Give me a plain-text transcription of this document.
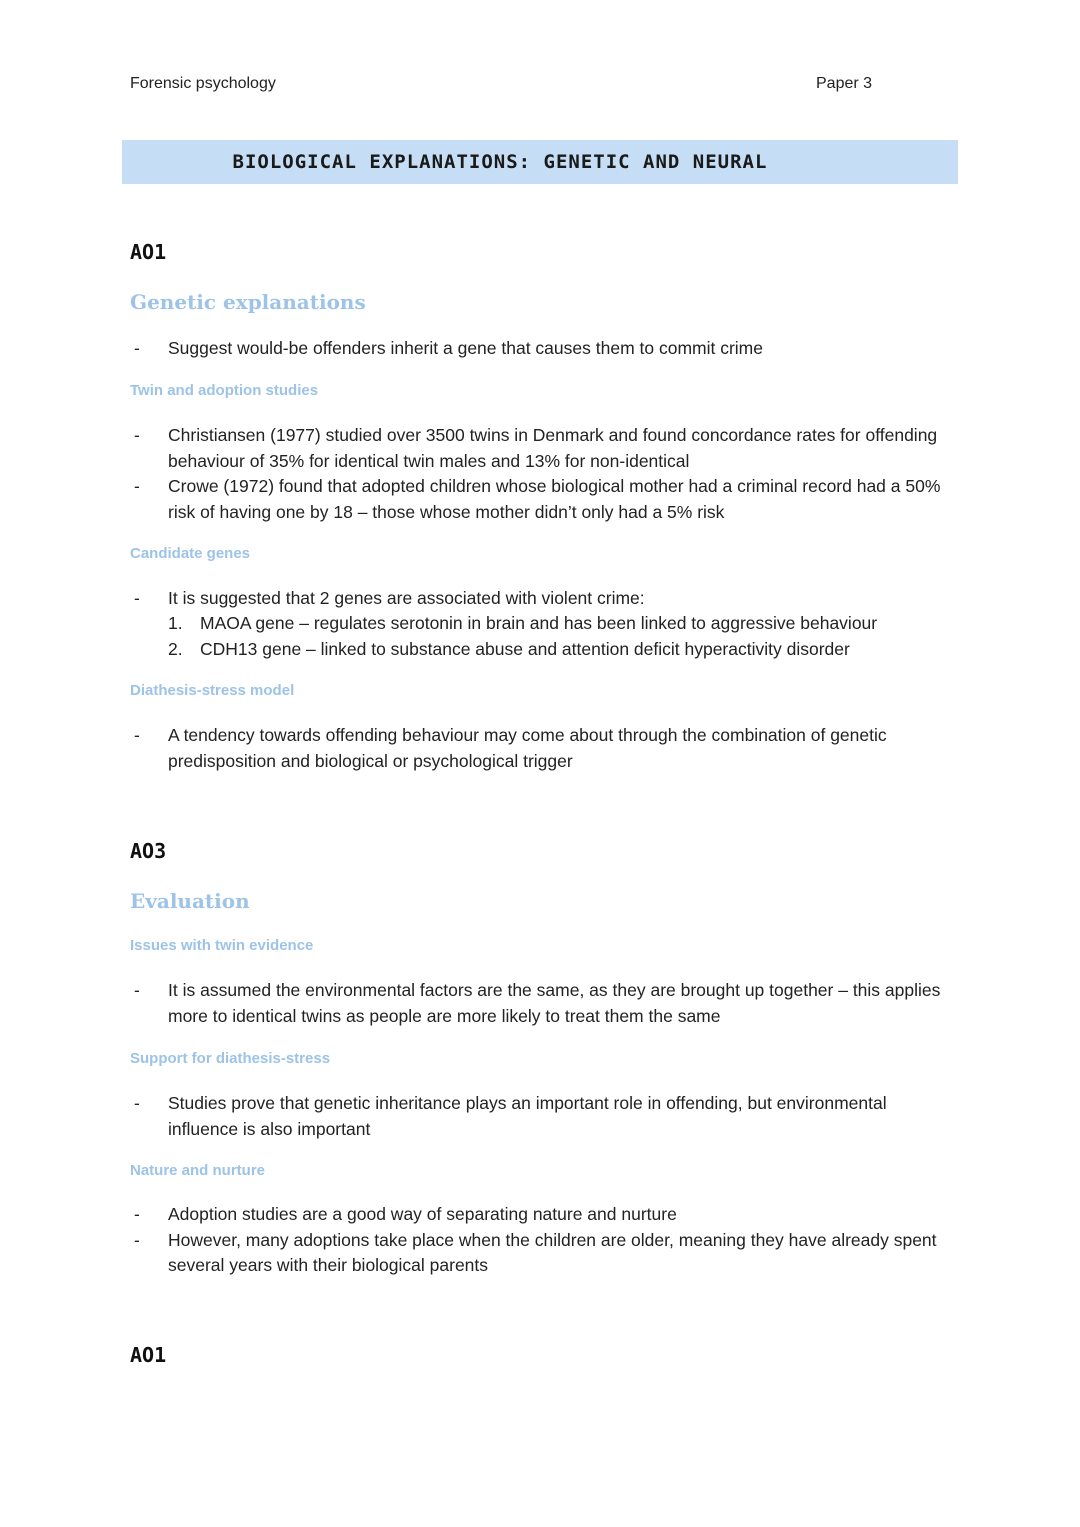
Forensic psychology	Paper 3
BIOLOGICAL EXPLANATIONS: GENETIC AND NEURAL
AO1
Genetic explanations
- Suggest would-be offenders inherit a gene that causes them to commit crime
Twin and adoption studies
- Christiansen (1977) studied over 3500 twins in Denmark and found concordance rates for offending behaviour of 35% for identical twin males and 13% for non-identical
- Crowe (1972) found that adopted children whose biological mother had a criminal record had a 50% risk of having one by 18 – those whose mother didn’t only had a 5% risk
Candidate genes
- It is suggested that 2 genes are associated with violent crime:
1. MAOA gene – regulates serotonin in brain and has been linked to aggressive behaviour
2. CDH13 gene – linked to substance abuse and attention deficit hyperactivity disorder
Diathesis-stress model
- A tendency towards offending behaviour may come about through the combination of genetic predisposition and biological or psychological trigger
AO3
Evaluation
Issues with twin evidence
- It is assumed the environmental factors are the same, as they are brought up together – this applies more to identical twins as people are more likely to treat them the same
Support for diathesis-stress
- Studies prove that genetic inheritance plays an important role in offending, but environmental influence is also important
Nature and nurture
- Adoption studies are a good way of separating nature and nurture
- However, many adoptions take place when the children are older, meaning they have already spent several years with their biological parents
AO1
